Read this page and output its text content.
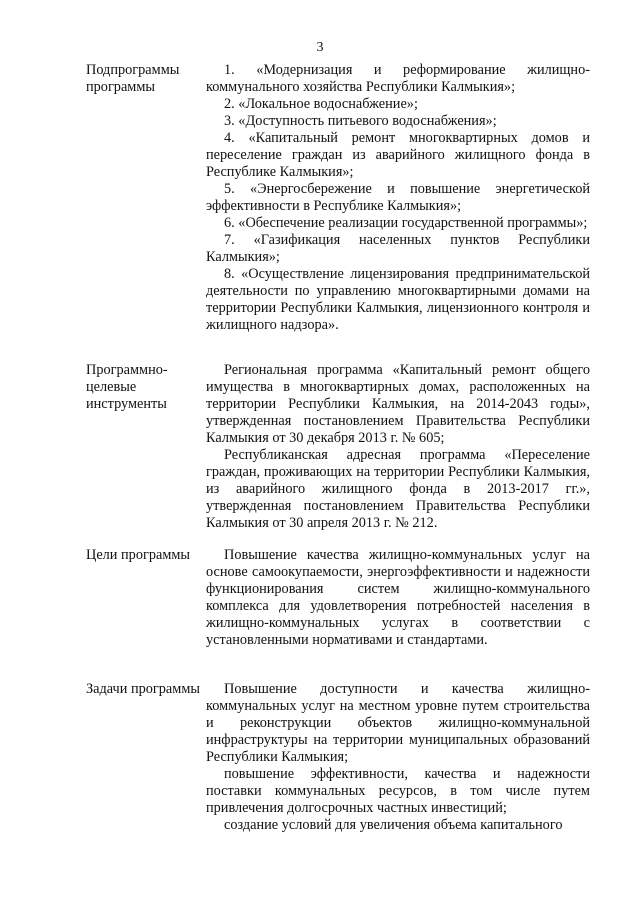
3
Подпрограммы программы

1. «Модернизация и реформирование жилищно-коммунального хозяйства Республики Калмыкия»;

2. «Локальное водоснабжение»;

3. «Доступность питьевого водоснабжения»;

4. «Капитальный ремонт многоквартирных домов и переселение граждан из аварийного жилищного фонда в Республике Калмыкия»;

5. «Энергосбережение и повышение энергетической эффективности в Республике Калмыкия»;

6. «Обеспечение реализации государственной программы»;

7. «Газификация населенных пунктов Республики Калмыкия»;

8. «Осуществление лицензирования предпринимательской деятельности по управлению многоквартирными домами на территории Республики Калмыкия, лицензионного контроля и жилищного надзора».

Программно-целевые инструменты

Региональная программа «Капитальный ремонт общего имущества в многоквартирных домах, расположенных на территории Республики Калмыкия, на 2014-2043 годы», утвержденная постановлением Правительства Республики Калмыкия от 30 декабря 2013 г. № 605;

Республиканская адресная программа «Переселение граждан, проживающих на территории Республики Калмыкия, из аварийного жилищного фонда в 2013-2017 гг.», утвержденная постановлением Правительства Республики Калмыкия от 30 апреля 2013 г. № 212.

Цели программы	Повышение качества жилищно-коммунальных услуг на основе самоокупаемости, энергоэффективности и надежности функционирования систем жилищно-коммунального комплекса для удовлетворения потребностей населения в жилищно-коммунальных услугах в соответствии с установленными нормативами и стандартами.

Задачи программы	Повышение доступности и качества жилищно-коммунальных услуг на местном уровне путем строительства и реконструкции объектов жилищно-коммунальной инфраструктуры на территории муниципальных образований Республики Калмыкия;

повышение эффективности, качества и надежности поставки коммунальных ресурсов, в том числе путем привлечения долгосрочных частных инвестиций;

создание условий для увеличения объема капитального
